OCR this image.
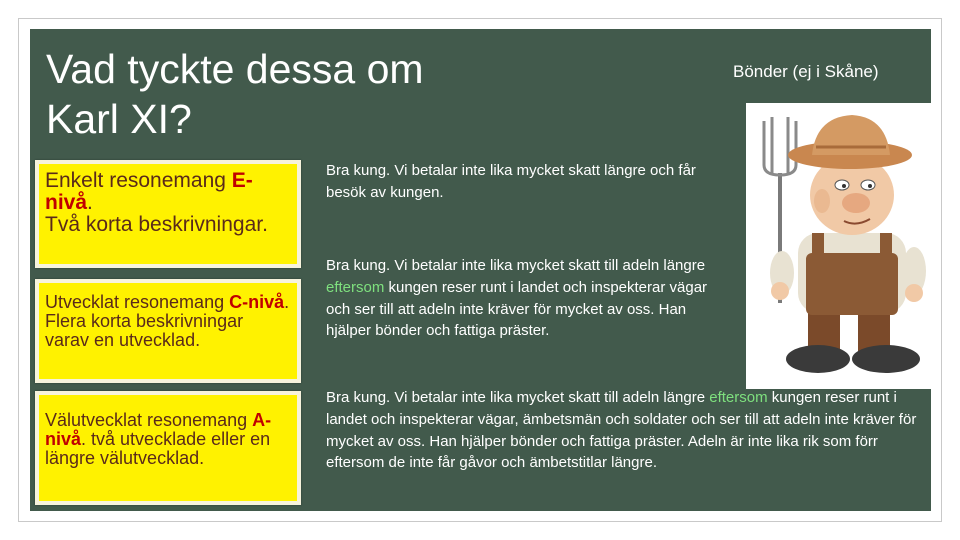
Vad tyckte dessa om
Karl XI?
Bönder (ej i Skåne)
Enkelt resonemang E-nivå.
Två korta beskrivningar.
Utvecklat resonemang C-nivå.
Flera korta beskrivningar varav en utvecklad.
Välutvecklat resonemang A-nivå. två utvecklade eller en längre välutvecklad.

Bra kung. Vi betalar inte lika mycket skatt längre och får besök av kungen.

Bra kung. Vi betalar inte lika mycket skatt till adeln längre eftersom kungen reser runt i landet och inspekterar vägar och ser till att adeln inte kräver för mycket av oss. Han hjälper bönder och fattiga präster.

Bra kung. Vi betalar inte lika mycket skatt till adeln längre eftersom kungen reser runt i landet och inspekterar vägar, ämbetsmän och soldater och ser till att adeln inte kräver för mycket av oss. Han hjälper bönder och fattiga präster. Adeln är inte lika rik som förr eftersom de inte får gåvor och ämbetstitlar längre.
